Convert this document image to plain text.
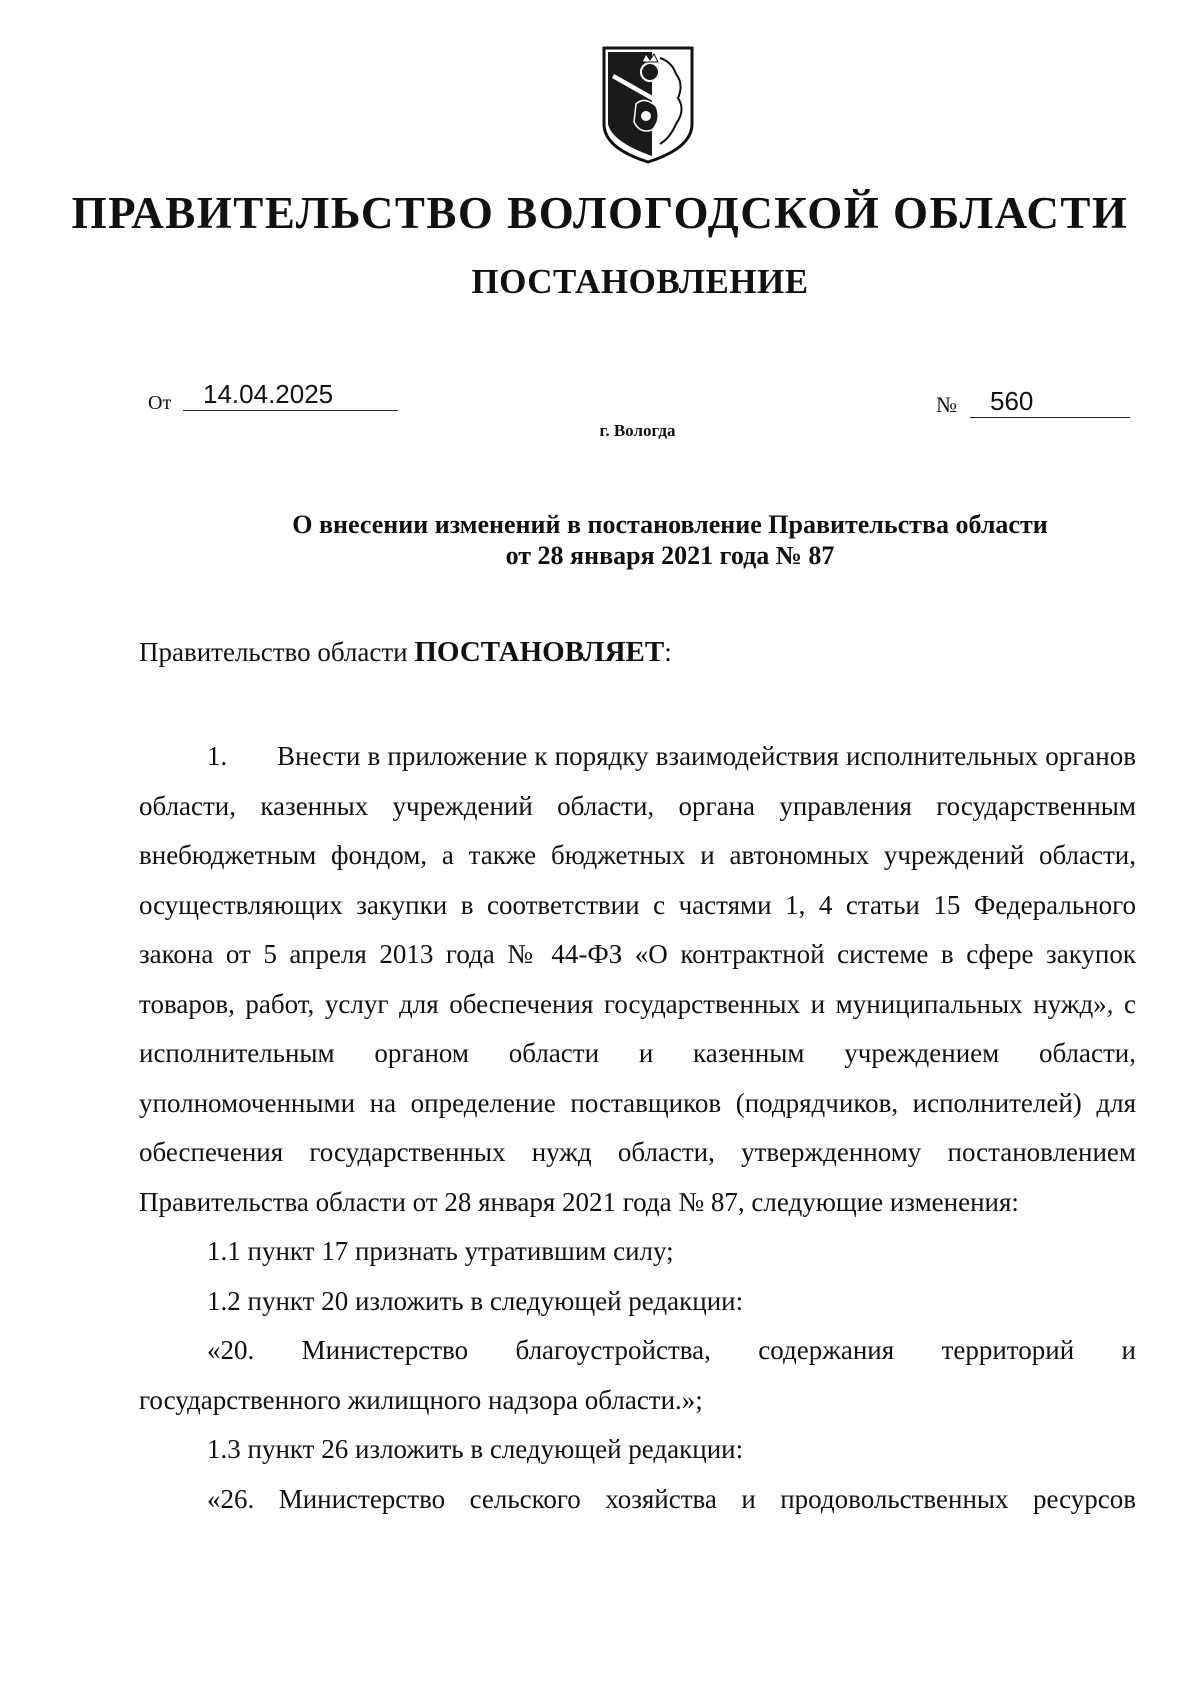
ПРАВИТЕЛЬСТВО ВОЛОГОДСКОЙ ОБЛАСТИ
ПОСТАНОВЛЕНИЕ
От	14.04.2025	№	560
г. Вологда
О внесении изменений в постановление Правительства области
от 28 января 2021 года № 87
Правительство области ПОСТАНОВЛЯЕТ:

1. Внести в приложение к порядку взаимодействия исполнительных органов области, казенных учреждений области, органа управления государственным внебюджетным фондом, а также бюджетных и автономных учреждений области, осуществляющих закупки в соответствии с частями 1, 4 статьи 15 Федерального закона от 5 апреля 2013 года № 44-ФЗ «О контрактной системе в сфере закупок товаров, работ, услуг для обеспечения государственных и муниципальных нужд», с исполнительным органом области и казенным учреждением области, уполномоченными на определение поставщиков (подрядчиков, исполнителей) для обеспечения государственных нужд области, утвержденному постановлением Правительства области от 28 января 2021 года № 87, следующие изменения:

1.1 пункт 17 признать утратившим силу;

1.2 пункт 20 изложить в следующей редакции:

«20. Министерство благоустройства, содержания территорий и государственного жилищного надзора области.»;

1.3 пункт 26 изложить в следующей редакции:

«26. Министерство сельского хозяйства и продовольственных ресурсов
